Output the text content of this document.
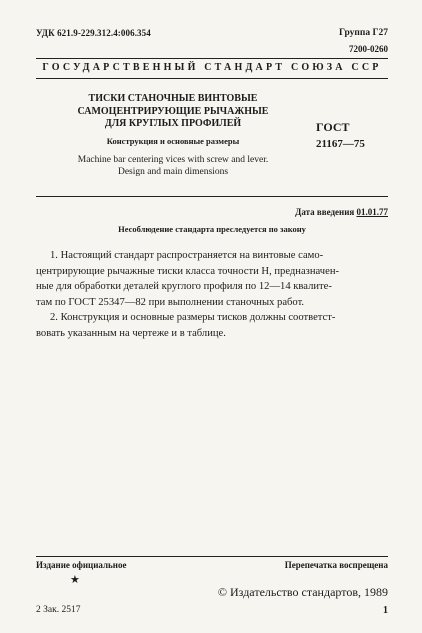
УДК 621.9-229.312.4:006.354	Группа Г27
7200-0260
ГОСУДАРСТВЕННЫЙ СТАНДАРТ СОЮЗА ССР
ТИСКИ СТАНОЧНЫЕ ВИНТОВЫЕ
САМОЦЕНТРИРУЮЩИЕ РЫЧАЖНЫЕ
ДЛЯ КРУГЛЫХ ПРОФИЛЕЙ
Конструкция и основные размеры
Machine bar centering vices with screw and lever.
Design and main dimensions
ГОСТ
21167—75
Дата введения 01.01.77
Несоблюдение стандарта преследуется по закону
1. Настоящий стандарт распространяется на винтовые само-
центрирующие рычажные тиски класса точности Н, предназначен-
ные для обработки деталей круглого профиля по 12—14 квалите-
там по ГОСТ 25347—82 при выполнении станочных работ.
2. Конструкция и основные размеры тисков должны соответст-
вовать указанным на чертеже и в таблице.
Издание официальное	Перепечатка воспрещена
★
© Издательство стандартов, 1989
2 Зак. 2517	1
